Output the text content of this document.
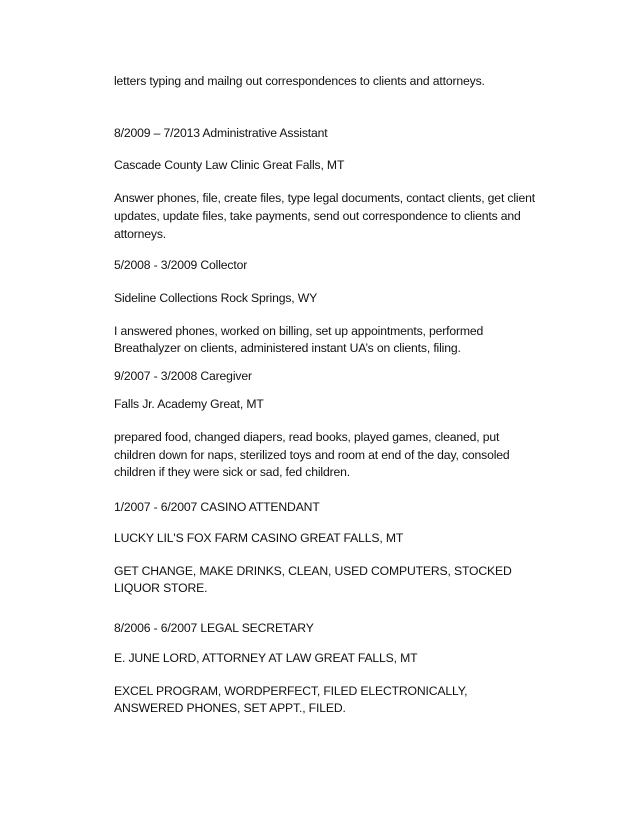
letters typing and mailng out correspondences to clients and attorneys.
8/2009 – 7/2013 Administrative Assistant
Cascade County Law Clinic Great Falls, MT
Answer phones, file, create files, type legal documents, contact clients, get client
updates, update files, take payments, send out correspondence to clients and
attorneys.
5/2008 - 3/2009 Collector
Sideline Collections Rock Springs, WY
I answered phones, worked on billing, set up appointments, performed
Breathalyzer on clients, administered instant UA’s on clients, filing.
9/2007 - 3/2008 Caregiver
Falls Jr. Academy Great, MT
prepared food, changed diapers, read books, played games, cleaned, put
children down for naps, sterilized toys and room at end of the day, consoled
children if they were sick or sad, fed children.
1/2007 - 6/2007 CASINO ATTENDANT
LUCKY LIL'S FOX FARM CASINO GREAT FALLS, MT
GET CHANGE, MAKE DRINKS, CLEAN, USED COMPUTERS, STOCKED
LIQUOR STORE.
8/2006 - 6/2007 LEGAL SECRETARY
E. JUNE LORD, ATTORNEY AT LAW GREAT FALLS, MT
EXCEL PROGRAM, WORDPERFECT, FILED ELECTRONICALLY,
ANSWERED PHONES, SET APPT., FILED.
